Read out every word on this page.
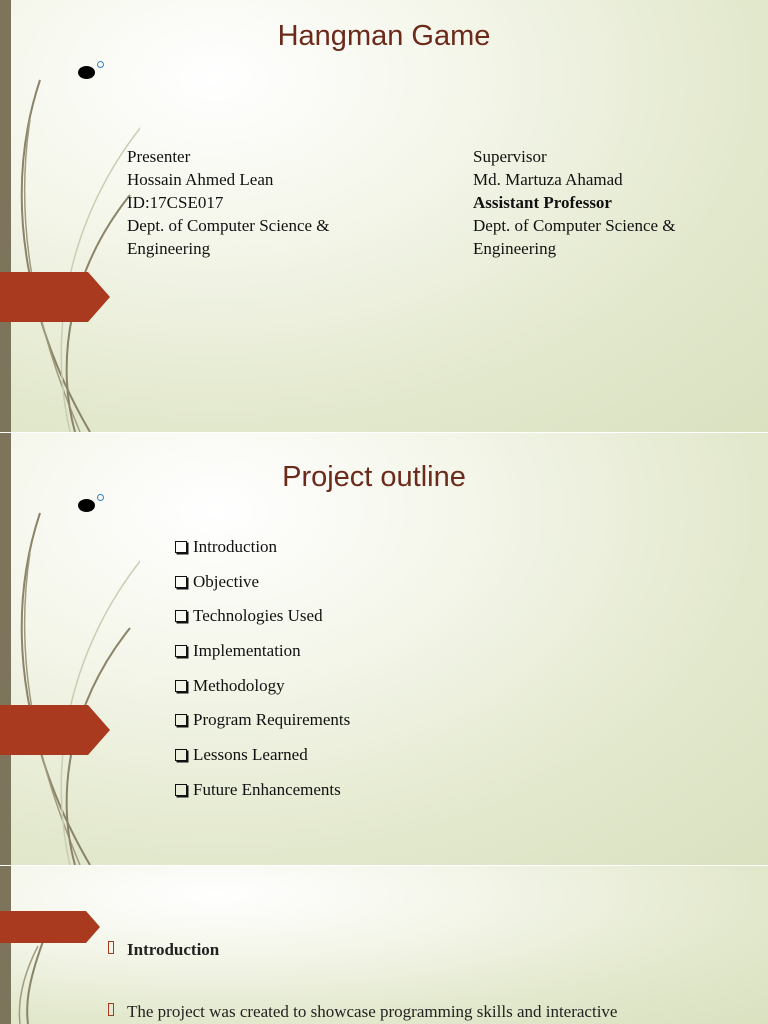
Hangman Game
Presenter
Hossain Ahmed Lean
ID:17CSE017
Dept. of Computer Science &
Engineering
Supervisor
Md. Martuza Ahamad
Assistant Professor
Dept. of Computer Science &
Engineering
Project outline
Introduction
Objective
Technologies Used
Implementation
Methodology
Program Requirements
Lessons Learned
Future Enhancements
Introduction
The project was created to showcase programming skills and interactive
